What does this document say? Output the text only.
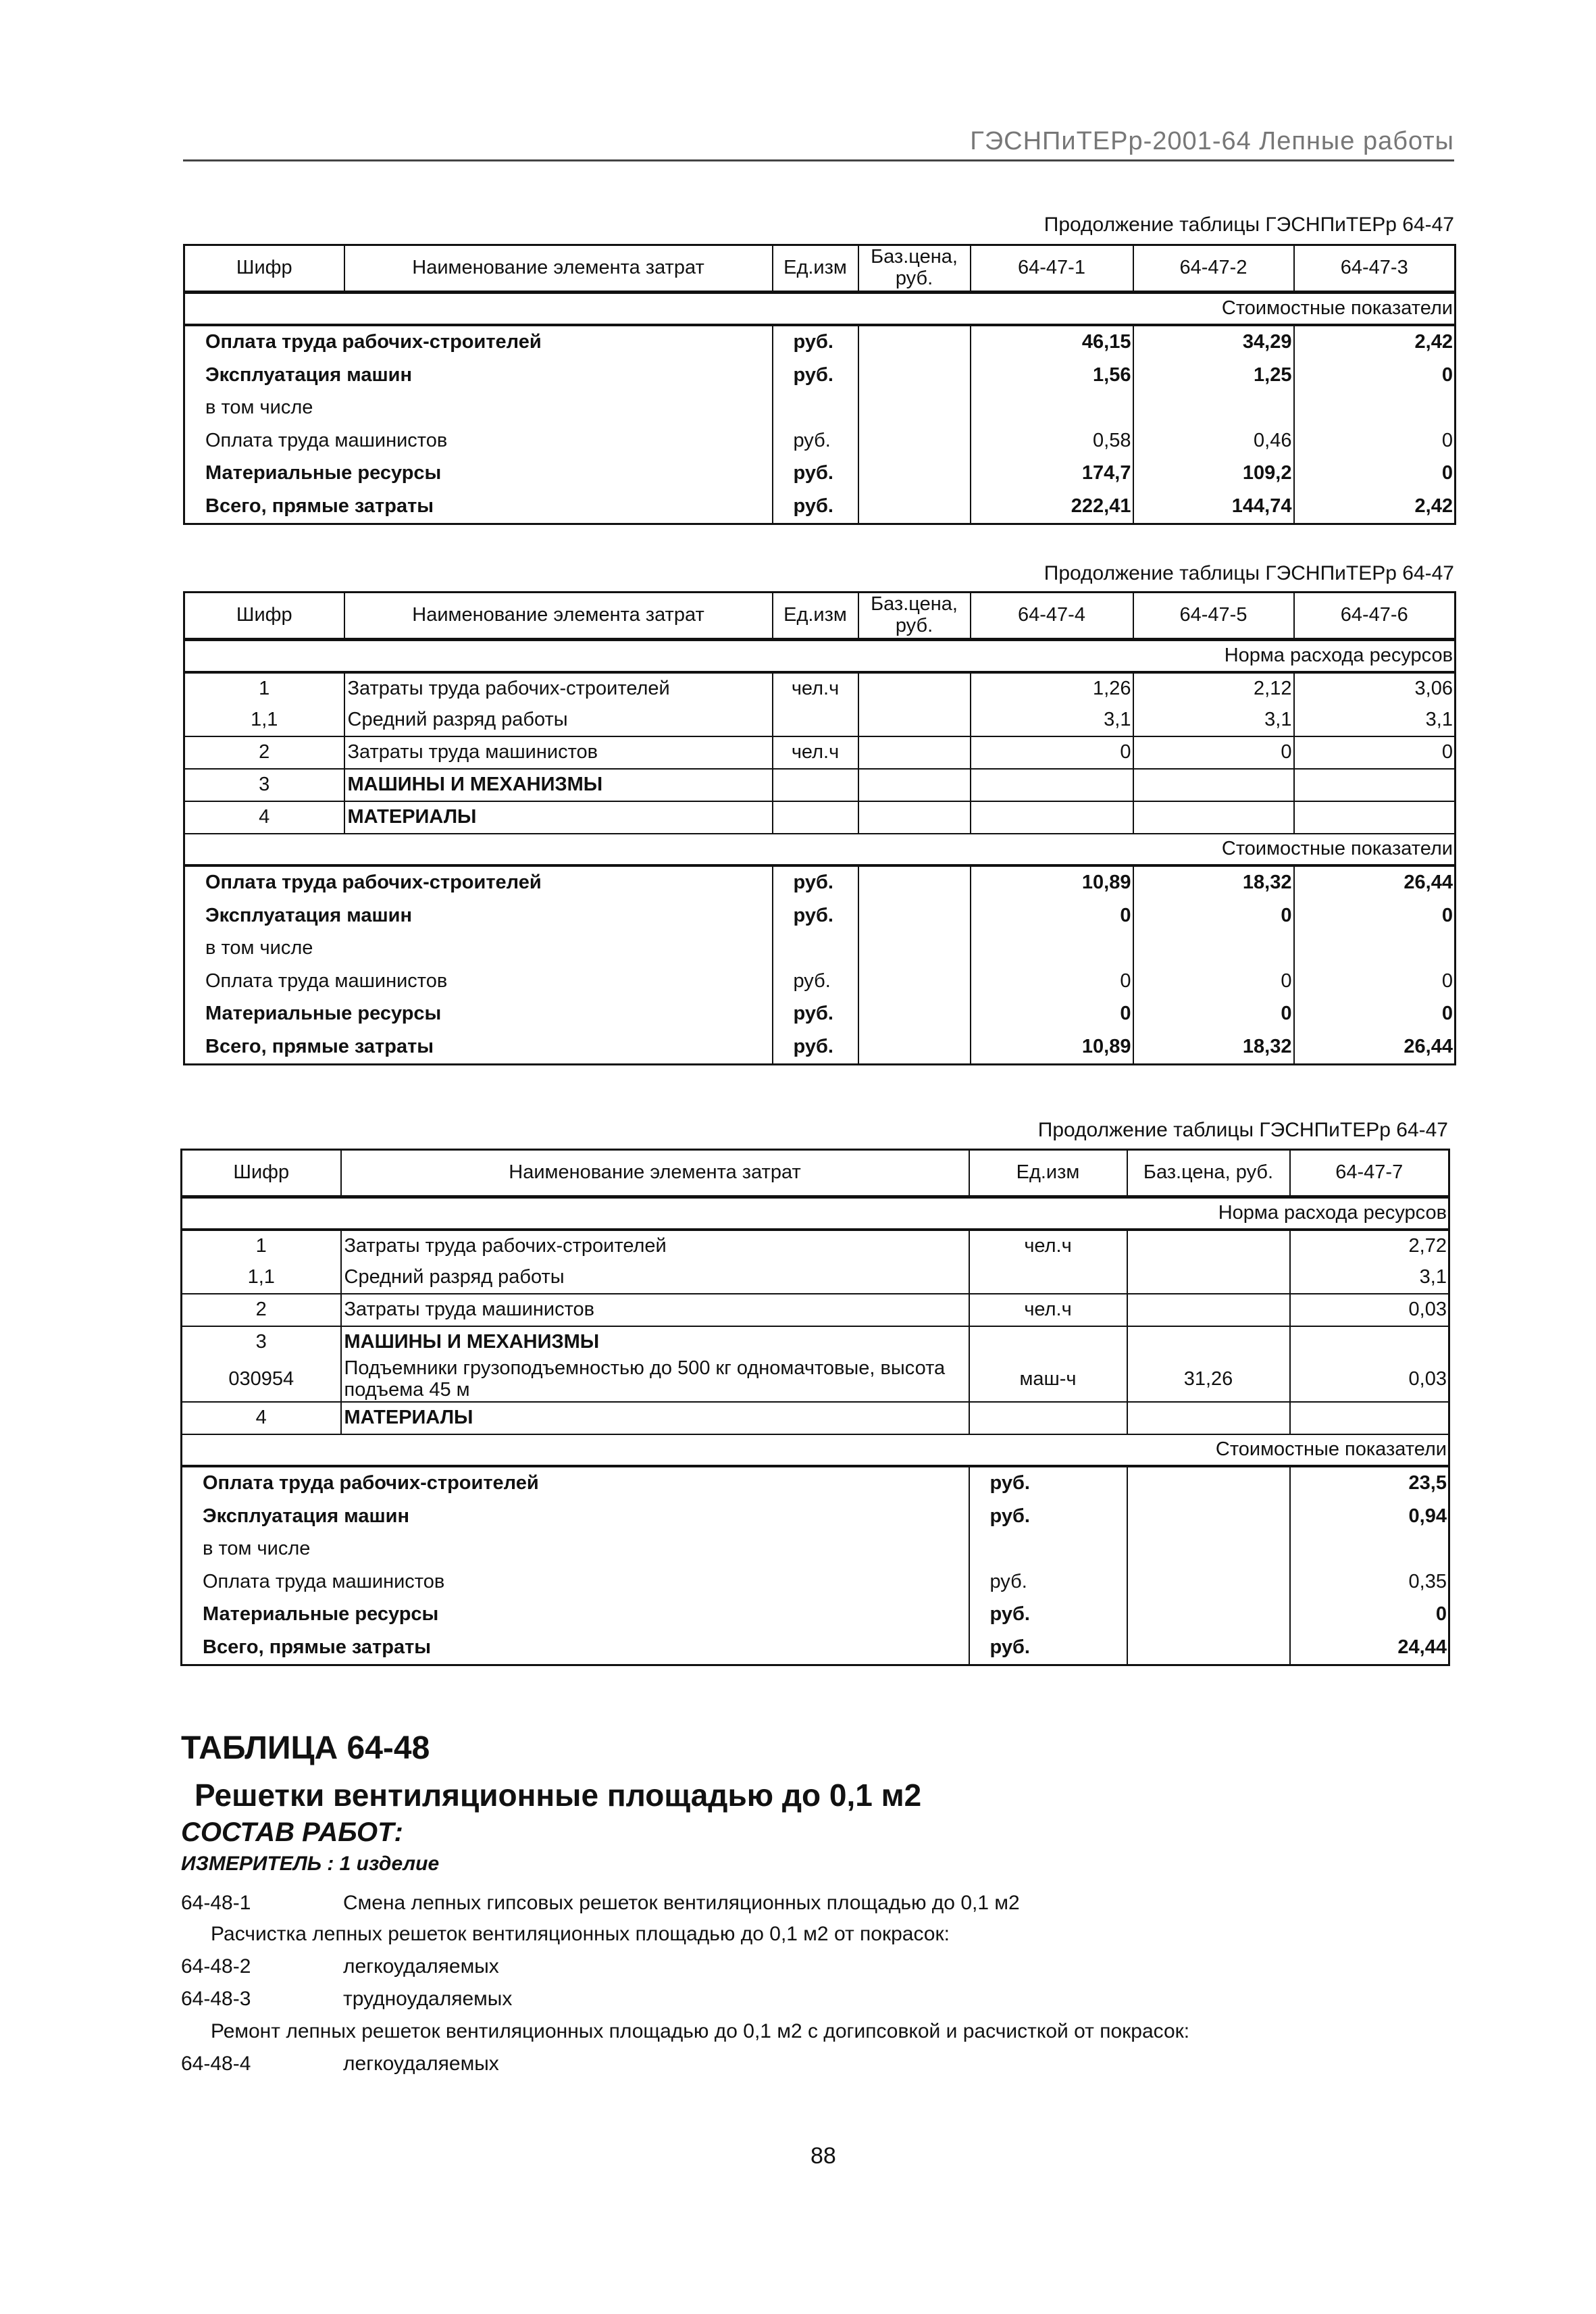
ГЭСНПиТЕРр-2001-64 Лепные работы
Продолжение таблицы ГЭСНПиТЕРр 64-47
Шифр	Наименование элемента затрат	Ед.изм	Баз.цена, руб.	64-47-1	64-47-2	64-47-3
Стоимостные показатели						
Оплата труда рабочих-строителей		руб.		46,15	34,29	2,42
Эксплуатация машин		руб.		1,56	1,25	0
в том числе						
Оплата труда машинистов		руб.		0,58	0,46	0
Материальные ресурсы		руб.		174,7	109,2	0
Всего, прямые затраты		руб.		222,41	144,74	2,42
Продолжение таблицы ГЭСНПиТЕРр 64-47
Шифр	Наименование элемента затрат	Ед.изм	Баз.цена, руб.	64-47-4	64-47-5	64-47-6
Норма расхода ресурсов						
1	Затраты труда рабочих-строителей	чел.ч		1,26	2,12	3,06
1,1	Средний разряд работы			3,1	3,1	3,1
2	Затраты труда машинистов	чел.ч		0	0	0
3	МАШИНЫ И МЕХАНИЗМЫ					
4	МАТЕРИАЛЫ					
Стоимостные показатели						
Оплата труда рабочих-строителей		руб.		10,89	18,32	26,44
Эксплуатация машин		руб.		0	0	0
в том числе						
Оплата труда машинистов		руб.		0	0	0
Материальные ресурсы		руб.		0	0	0
Всего, прямые затраты		руб.		10,89	18,32	26,44
Продолжение таблицы ГЭСНПиТЕРр 64-47
Шифр	Наименование элемента затрат	Ед.изм	Баз.цена, руб.	64-47-7
Норма расхода ресурсов				
1	Затраты труда рабочих-строителей	чел.ч		2,72
1,1	Средний разряд работы			3,1
2	Затраты труда машинистов	чел.ч		0,03
3	МАШИНЫ И МЕХАНИЗМЫ			
030954	Подъемники грузоподъемностью до 500 кг одномачтовые, высота подъема 45 м	маш-ч	31,26	0,03
4	МАТЕРИАЛЫ			
Стоимостные показатели				
Оплата труда рабочих-строителей		руб.		23,5
Эксплуатация машин		руб.		0,94
в том числе				
Оплата труда машинистов		руб.		0,35
Материальные ресурсы		руб.		0
Всего, прямые затраты		руб.		24,44
ТАБЛИЦА 64-48
Решетки вентиляционные площадью до 0,1 м2
СОСТАВ РАБОТ:
ИЗМЕРИТЕЛЬ : 1 изделие
64-48-1	Смена лепных гипсовых решеток вентиляционных площадью до 0,1 м2
Расчистка лепных решеток вентиляционных площадью до 0,1 м2 от покрасок:
64-48-2	легкоудаляемых
64-48-3	трудноудаляемых
Ремонт лепных решеток вентиляционных площадью до 0,1 м2 с догипсовкой и расчисткой от покрасок:
64-48-4	легкоудаляемых
88
